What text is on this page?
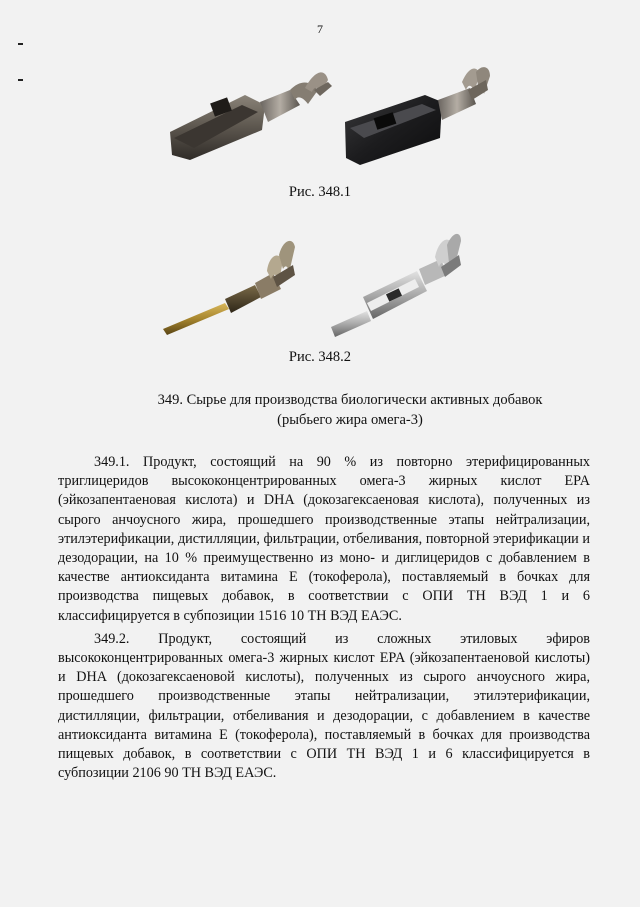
7
Рис. 348.1
Рис. 348.2
349. Сырье для производства биологически активных добавок
(рыбьего жира омега-3)

349.1. Продукт, состоящий на 90 % из повторно этерифицированных триглицеридов высококонцентрированных омега-3 жирных кислот EPA (эйкозапентаеновая кислота) и DHA (докозагексаеновая кислота), полученных из сырого анчоусного жира, прошедшего производственные этапы нейтрализации, этилэтерификации, дистилляции, фильтрации, отбеливания, повторной этерификации и дезодорации, на 10 % преимущественно из моно- и диглицеридов с добавлением в качестве антиоксиданта витамина Е (токоферола), поставляемый в бочках для производства пищевых добавок, в соответствии с ОПИ ТН ВЭД 1 и 6 классифицируется в субпозиции 1516 10 ТН ВЭД ЕАЭС.

349.2. Продукт, состоящий из сложных этиловых эфиров высококонцентрированных омега-3 жирных кислот EPA (эйкозапентаеновой кислоты) и DHA (докозагексаеновой кислоты), полученных из сырого анчоусного жира, прошедшего производственные этапы нейтрализации, этилэтерификации, дистилляции, фильтрации, отбеливания и дезодорации, с добавлением в качестве антиоксиданта витамина Е (токоферола), поставляемый в бочках для производства пищевых добавок, в соответствии с ОПИ ТН ВЭД 1 и 6 классифицируется в субпозиции 2106 90 ТН ВЭД ЕАЭС.
